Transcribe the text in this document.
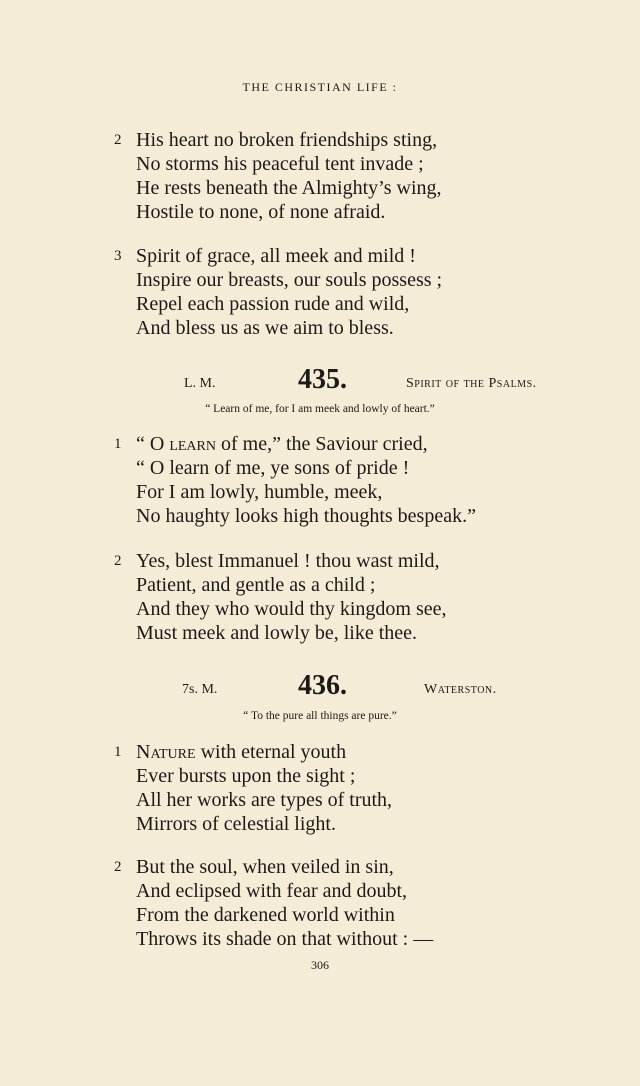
THE CHRISTIAN LIFE :
2 His heart no broken friendships sting,
No storms his peaceful tent invade ;
He rests beneath the Almighty’s wing,
Hostile to none, of none afraid.
3 Spirit of grace, all meek and mild !
Inspire our breasts, our souls possess ;
Repel each passion rude and wild,
And bless us as we aim to bless.
L. M.	435.	Spirit of the Psalms.
“ Learn of me, for I am meek and lowly of heart.”
1 “ O learn of me,” the Saviour cried,
“ O learn of me, ye sons of pride !
For I am lowly, humble, meek,
No haughty looks high thoughts bespeak.”
2 Yes, blest Immanuel ! thou wast mild,
Patient, and gentle as a child ;
And they who would thy kingdom see,
Must meek and lowly be, like thee.
7s. M.	436.	Waterston.
“ To the pure all things are pure.”
1 Nature with eternal youth
Ever bursts upon the sight ;
All her works are types of truth,
Mirrors of celestial light.
2 But the soul, when veiled in sin,
And eclipsed with fear and doubt,
From the darkened world within
Throws its shade on that without : —
306
